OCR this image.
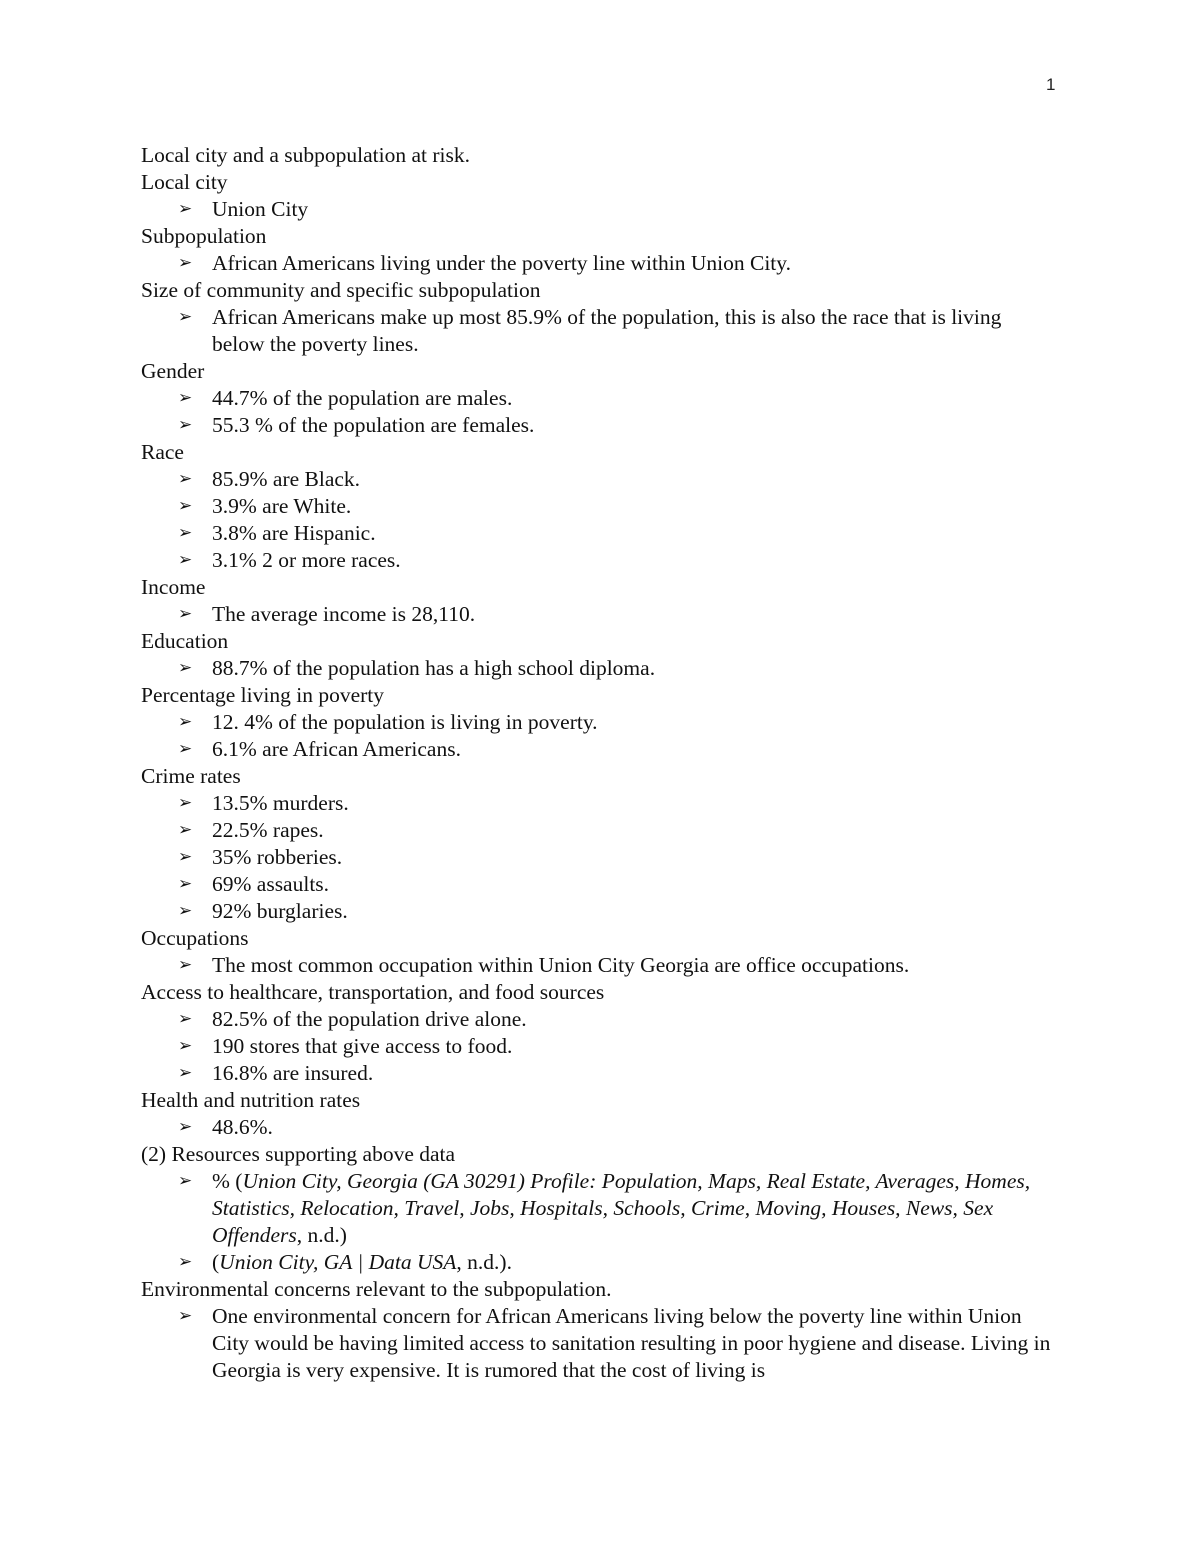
1
Local city and a subpopulation at risk.
Local city
➢ Union City
Subpopulation
➢ African Americans living under the poverty line within Union City.
Size of community and specific subpopulation
➢ African Americans make up most 85.9% of the population, this is also the race that is living below the poverty lines.
Gender
➢ 44.7% of the population are males.
➢ 55.3 % of the population are females.
Race
➢ 85.9% are Black.
➢ 3.9% are White.
➢ 3.8% are Hispanic.
➢ 3.1% 2 or more races.
Income
➢ The average income is 28,110.
Education
➢ 88.7% of the population has a high school diploma.
Percentage living in poverty
➢ 12. 4% of the population is living in poverty.
➢ 6.1% are African Americans.
Crime rates
➢ 13.5% murders.
➢ 22.5% rapes.
➢ 35% robberies.
➢ 69% assaults.
➢ 92% burglaries.
Occupations
➢ The most common occupation within Union City Georgia are office occupations.
Access to healthcare, transportation, and food sources
➢ 82.5% of the population drive alone.
➢ 190 stores that give access to food.
➢ 16.8% are insured.
Health and nutrition rates
➢ 48.6%.
(2) Resources supporting above data
➢ % (Union City, Georgia (GA 30291) Profile: Population, Maps, Real Estate, Averages, Homes, Statistics, Relocation, Travel, Jobs, Hospitals, Schools, Crime, Moving, Houses, News, Sex Offenders, n.d.)
➢ (Union City, GA | Data USA, n.d.).
Environmental concerns relevant to the subpopulation.
➢ One environmental concern for African Americans living below the poverty line within Union City would be having limited access to sanitation resulting in poor hygiene and disease. Living in Georgia is very expensive. It is rumored that the cost of living is
